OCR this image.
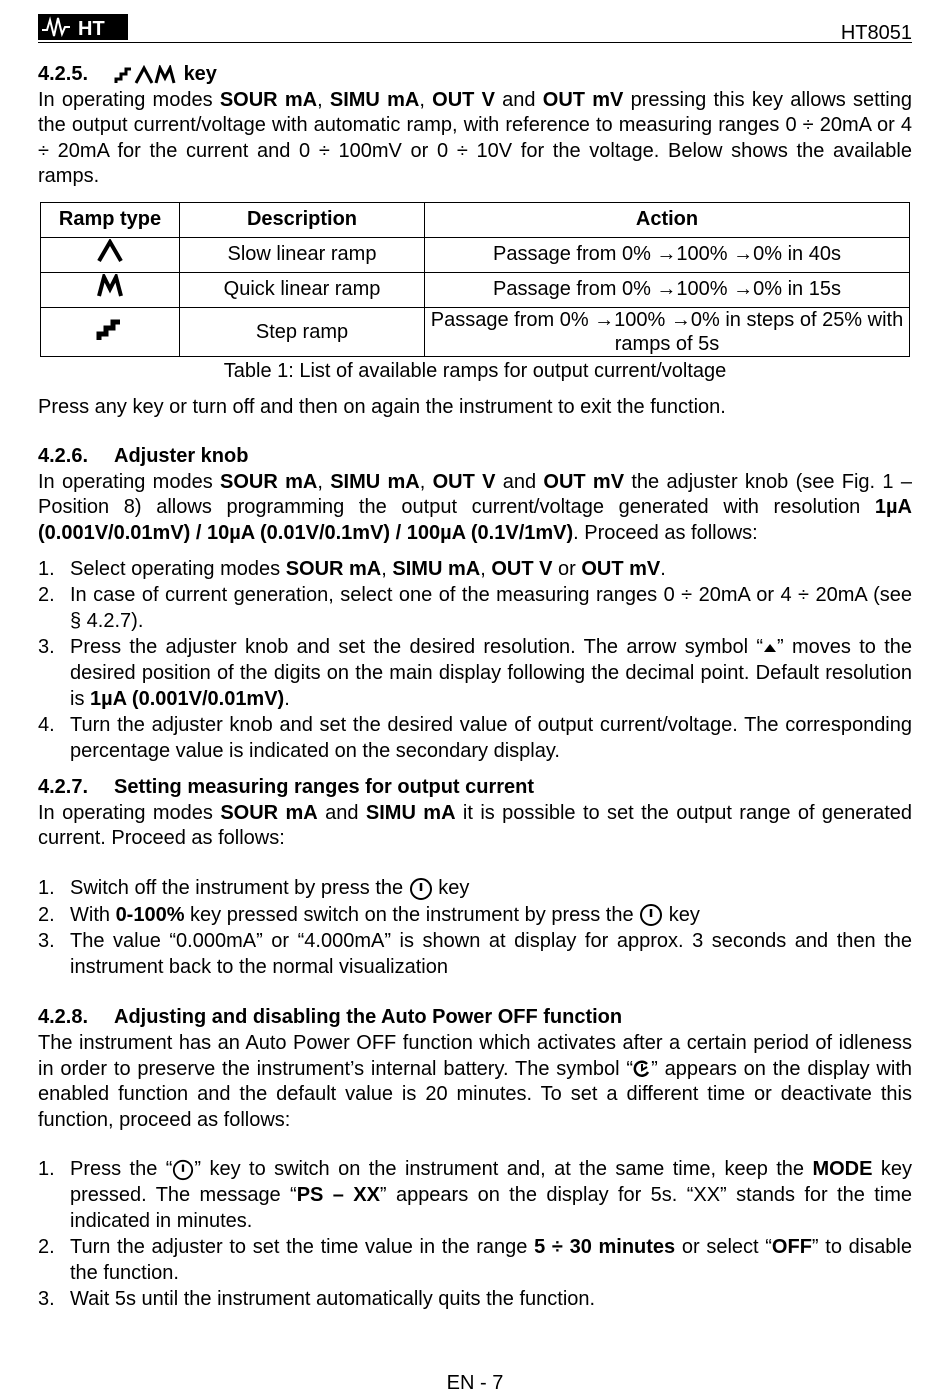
HT	HT8051
4.2.5.	key

In operating modes SOUR mA, SIMU mA, OUT V and OUT mV pressing this key allows setting the output current/voltage with automatic ramp, with reference to measuring ranges 0 ÷ 20mA or 4 ÷ 20mA for the current and 0 ÷ 100mV or 0 ÷ 10V for the voltage. Below shows the available ramps.

Ramp type	Description	Action
	Slow linear ramp	Passage from 0% →100% →0% in 40s
	Quick linear ramp	Passage from 0% →100% →0% in 15s
	Step ramp	Passage from 0% →100% →0% in steps of 25% with ramps of 5s
Table 1: List of available ramps for output current/voltage

Press any key or turn off and then on again the instrument to exit the function.

4.2.6. Adjuster knob

In operating modes SOUR mA, SIMU mA, OUT V and OUT mV the adjuster knob (see Fig. 1 – Position 8) allows programming the output current/voltage generated with resolution 1µA (0.001V/0.01mV) / 10µA (0.01V/0.1mV) / 100µA (0.1V/1mV). Proceed as follows:

1. Select operating modes SOUR mA, SIMU mA, OUT V or OUT mV.
2. In case of current generation, select one of the measuring ranges 0 ÷ 20mA or 4 ÷ 20mA (see § 4.2.7).
3. Press the adjuster knob and set the desired resolution. The arrow symbol “ ” moves to the desired position of the digits on the main display following the decimal point. Default resolution is 1µA (0.001V/0.01mV).
4. Turn the adjuster knob and set the desired value of output current/voltage. The corresponding percentage value is indicated on the secondary display.
4.2.7. Setting measuring ranges for output current

In operating modes SOUR mA and SIMU mA it is possible to set the output range of generated current. Proceed as follows:

1. Switch off the instrument by press the  key
2. With 0-100% key pressed switch on the instrument by press the  key
3. The value “0.000mA” or “4.000mA” is shown at display for approx. 3 seconds and then the instrument back to the normal visualization
4.2.8. Adjusting and disabling the Auto Power OFF function

The instrument has an Auto Power OFF function which activates after a certain period of idleness in order to preserve the instrument’s internal battery. The symbol “ ” appears on the display with enabled function and the default value is 20 minutes. To set a different time or deactivate this function, proceed as follows:

1. Press the “ ” key to switch on the instrument and, at the same time, keep the MODE key pressed. The message “PS – XX” appears on the display for 5s. “XX” stands for the time indicated in minutes.
2. Turn the adjuster to set the time value in the range 5 ÷ 30 minutes or select “OFF” to disable the function.
3. Wait 5s until the instrument automatically quits the function.
EN - 7
